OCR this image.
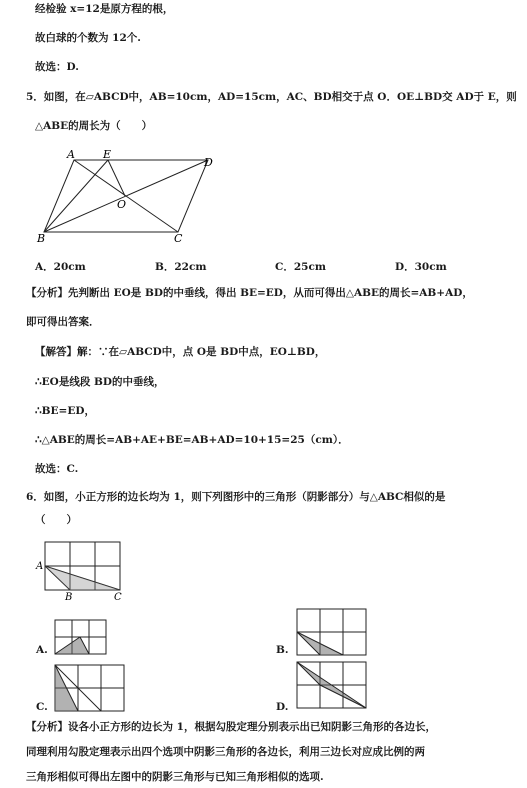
经检验 x=12是原方程的根，
故白球的个数为 12个.
故选：D.
5．如图，在▱ABCD中，AB=10cm，AD=15cm，AC、BD相交于点 O．OE⊥BD交 AD于 E，则
△ABE的周长为（　　）
A	E
D
O
B	C
A．20cm	B．22cm	C．25cm	D．30cm
【分析】先判断出 EO是 BD的中垂线，得出 BE=ED，从而可得出△ABE的周长=AB+AD，
即可得出答案．
【解答】解：∵在▱ABCD中，点 O是 BD中点，EO⊥BD，
∴EO是线段 BD的中垂线，
∴BE=ED，
∴△ABE的周长=AB+AE+BE=AB+AD=10+15=25（cm）．
故选：C.
6．如图，小正方形的边长均为 1，则下列图形中的三角形（阴影部分）与△ABC相似的是
（　　）
A
B	C
A.	B.
C.	D.
【分析】设各小正方形的边长为 1，根据勾股定理分别表示出已知阴影三角形的各边长，
同理利用勾股定理表示出四个选项中阴影三角形的各边长，利用三边长对应成比例的两
三角形相似可得出左图中的阴影三角形与已知三角形相似的选项.
